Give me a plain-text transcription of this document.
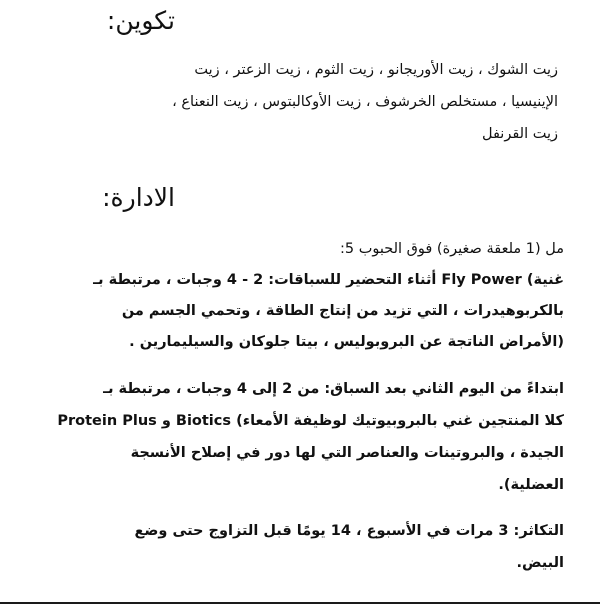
تكوين:
زيت الشوك ، زيت الأوريجانو ، زيت الثوم ، زيت الزعتر ، زيت
الإينيسيا ، مستخلص الخرشوف ، زيت الأوكالبتوس ، زيت النعناع ،
زيت القرنفل
الادارة:
مل (1 ملعقة صغيرة) فوق الحبوب 5:
غنية) Fly Power أثناء التحضير للسباقات: 2 - 4 وجبات ، مرتبطة بـ
بالكربوهيدرات ، التي تزيد من إنتاج الطاقة ، وتحمي الجسم من
(الأمراض الناتجة عن البروبوليس ، بيتا جلوكان والسيليمارين .
ابتداءً من اليوم الثاني بعد السباق: من 2 إلى 4 وجبات ، مرتبطة بـ
كلا المنتجين غني بالبروبيوتيك لوظيفة الأمعاء) Biotics و Protein Plus
الجيدة ، والبروتينات والعناصر التي لها دور في إصلاح الأنسجة
العضلية).
التكاثر: 3 مرات في الأسبوع ، 14 يومًا قبل التزاوج حتى وضع
البيض.
